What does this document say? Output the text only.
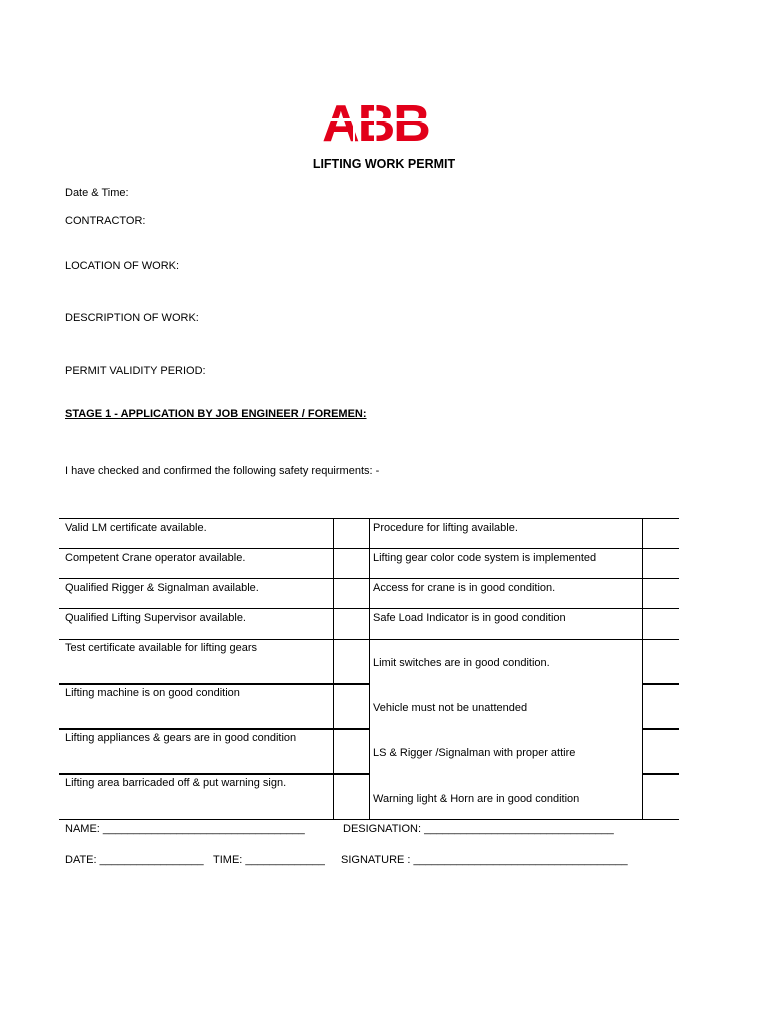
LIFTING WORK PERMIT
Date & Time:
CONTRACTOR:
LOCATION OF WORK:
DESCRIPTION OF WORK:
PERMIT VALIDITY PERIOD:
STAGE 1 - APPLICATION BY JOB ENGINEER / FOREMEN:
I have checked and confirmed the following safety requirments: -
Valid LM certificate available.
Competent Crane operator available.
Qualified Rigger & Signalman available.
Qualified Lifting Supervisor available.
Test certificate available for lifting gears
Lifting machine is on good condition
Lifting appliances & gears are in good condition
Lifting area barricaded off & put warning sign.
Procedure for lifting available.
Lifting gear color code system is implemented
Access for crane is in good condition.
Safe Load Indicator is in good condition
Limit switches are in good condition.
Vehicle must not be unattended
LS & Rigger /Signalman with proper attire
Warning light & Horn are in good condition
NAME: _________________________________	DESIGNATION: _______________________________
DATE: _________________ TIME: _____________ SIGNATURE : ___________________________________
